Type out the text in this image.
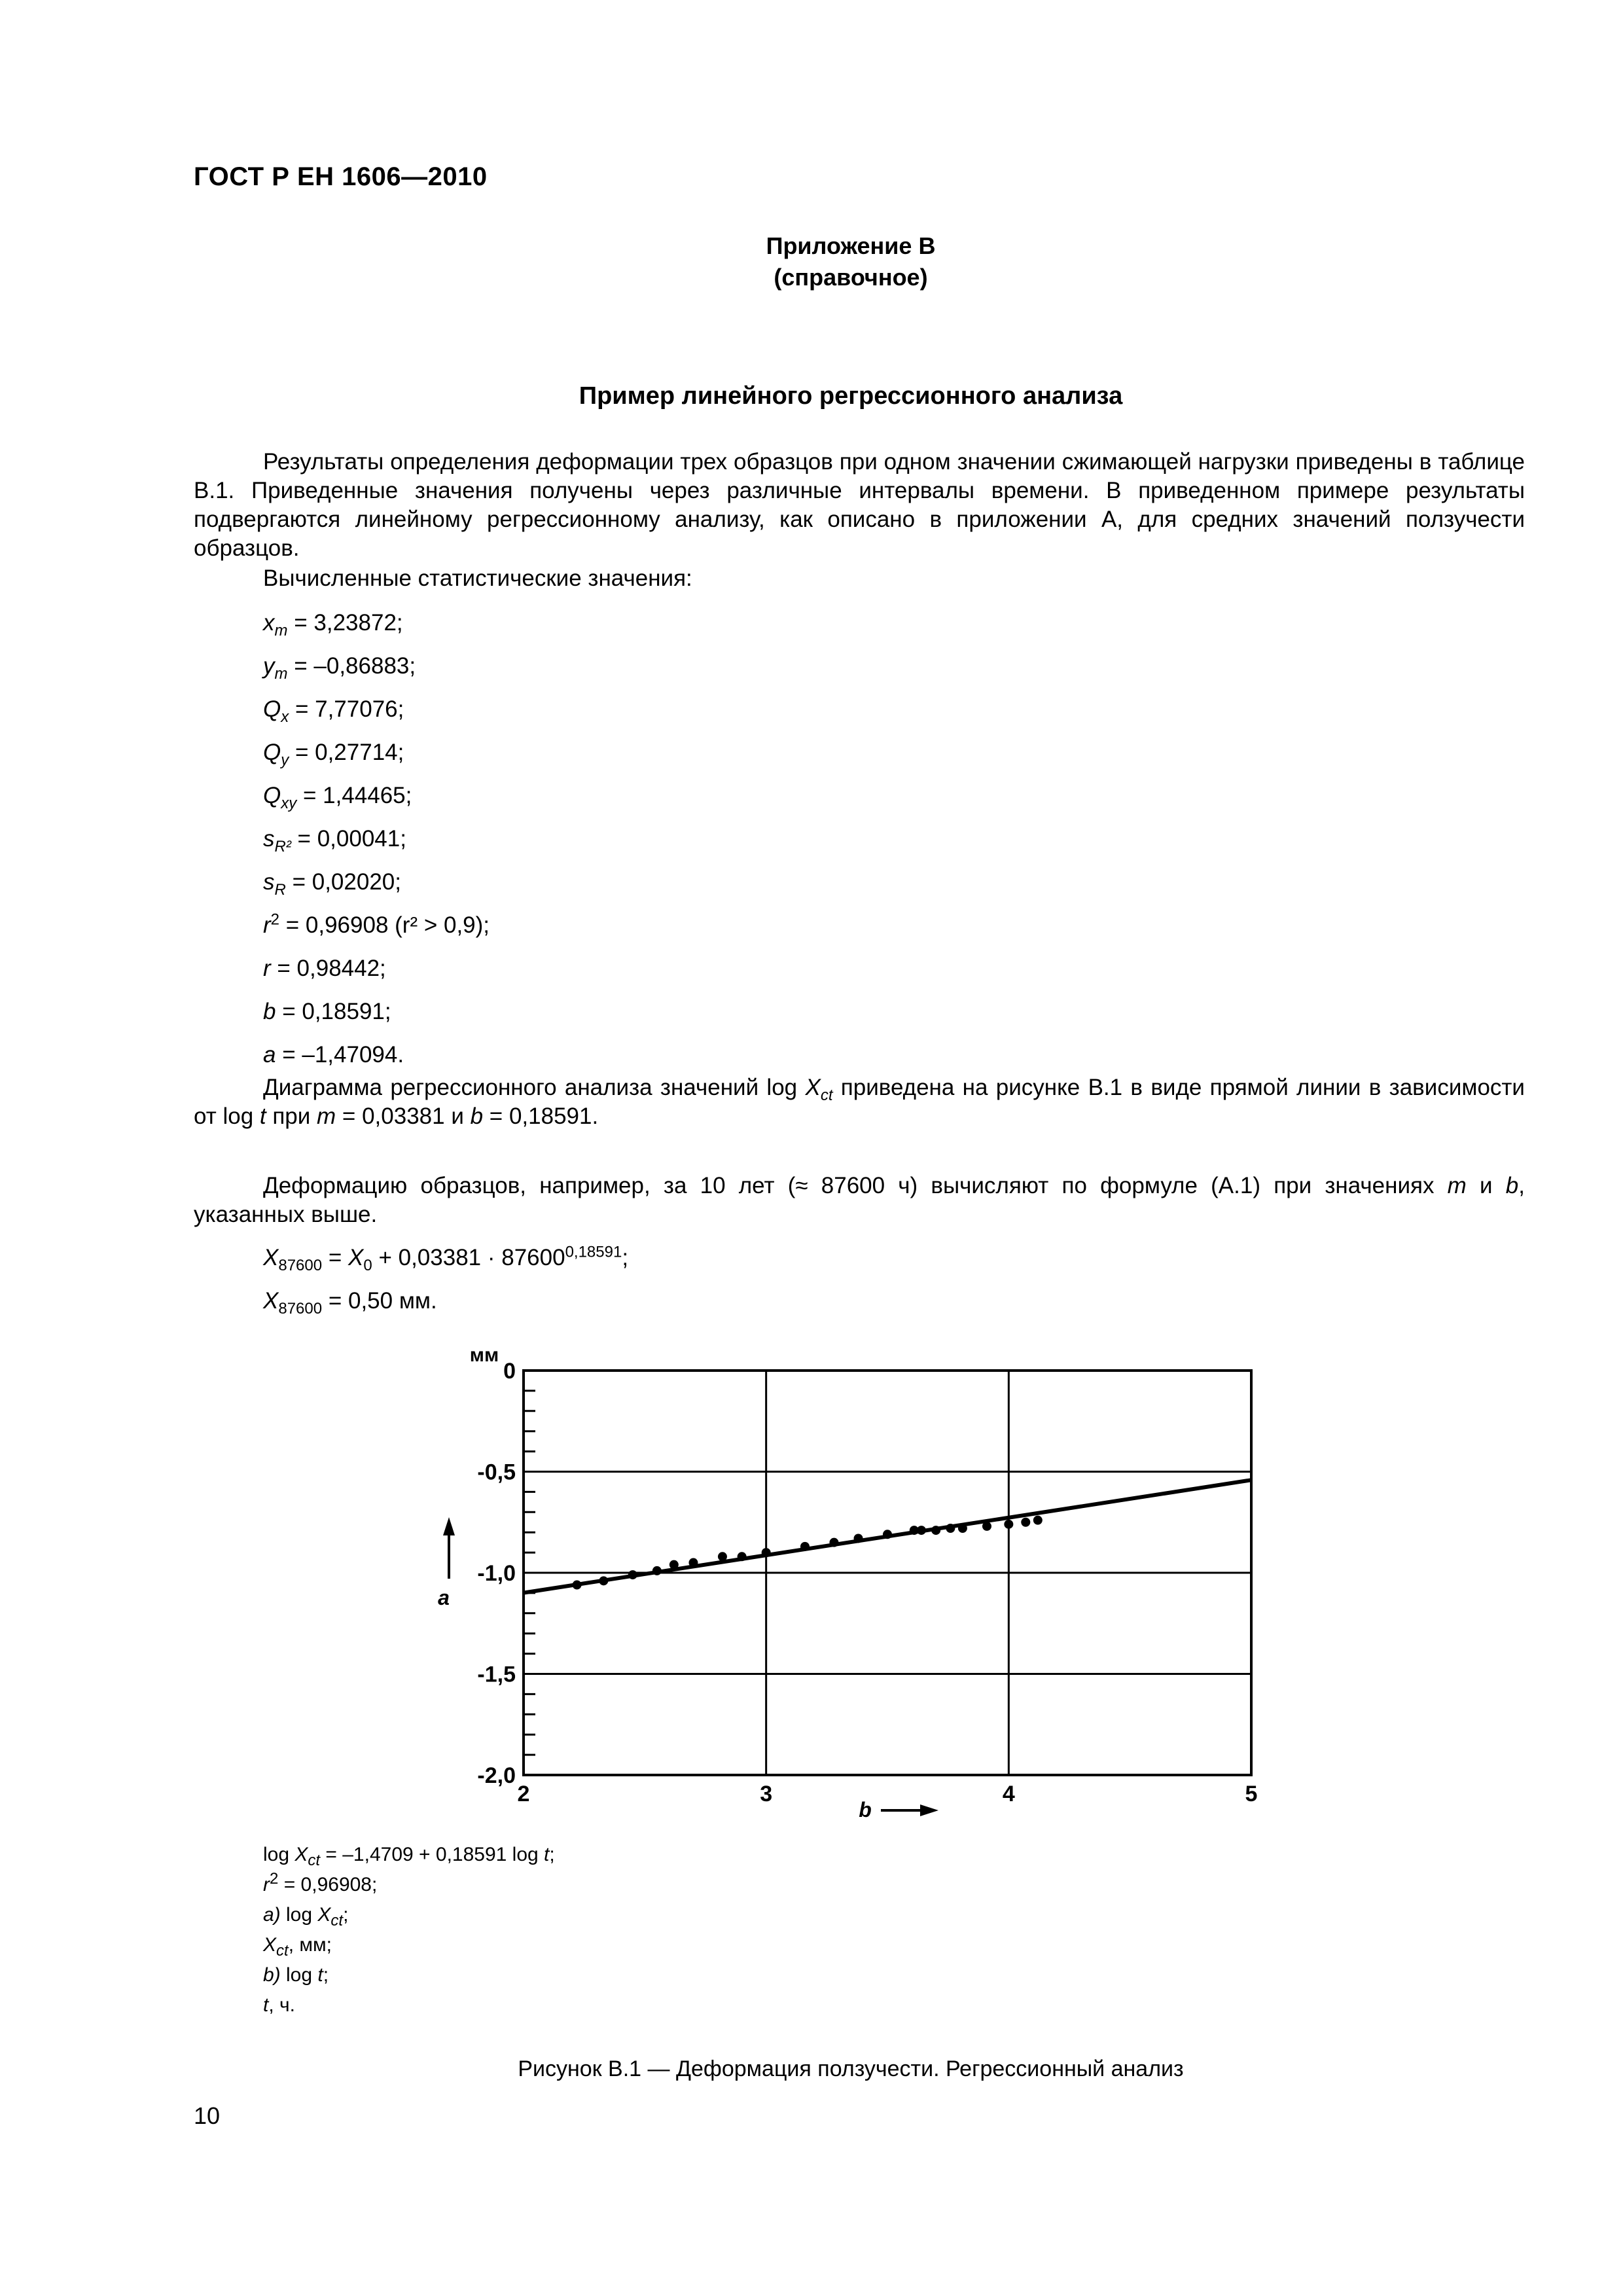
ГОСТ Р ЕН 1606—2010
Приложение В
(справочное)
Пример линейного регрессионного анализа

Результаты определения деформации трех образцов при одном значении сжимающей нагрузки приведены в таблице В.1. Приведенные значения получены через различные интервалы времени. В приведенном примере результаты подвергаются линейному регрессионному анализу, как описано в приложении А, для средних значений ползучести образцов.

Вычисленные статистические значения:
$x_m = 3,23872$;
$y_m = -0,86883$;
$Q_x = 7,77076$;
$Q_y = 0,27714$;
$Q_{xy} = 1,44465$;
$s_{R^2} = 0,00041$;
$s_R = 0,02020$;
$r^2 = 0,96908$ (r² > 0,9);
r = 0,98442;
b = 0,18591;
a = –1,47094.

Диаграмма регрессионного анализа значений $\log X_{ct}$ приведена на рисунке В.1 в виде прямой линии в зависимости от log t при m = 0,03381 и b = 0,18591.

Деформацию образцов, например, за 10 лет (≈ 87600 ч) вычисляют по формуле (А.1) при значениях m и b, указанных выше.

$X_{87600} = X_0 + 0,03381 \cdot 87600^{0,18591}$;
$X_{87600} = 0,50$ мм.
0
-0,5
-1,0
-1,5
-2,0
2	3	4	5
мм
a
b
$\log X_{ct} = -1,4709 + 0,18591$ log t;
$r^2 = 0,96908$;
a) $\log X_{ct}$;
$X_{ct}$, мм;
b) log t;
t, ч.
Рисунок В.1 — Деформация ползучести. Регрессионный анализ
10
